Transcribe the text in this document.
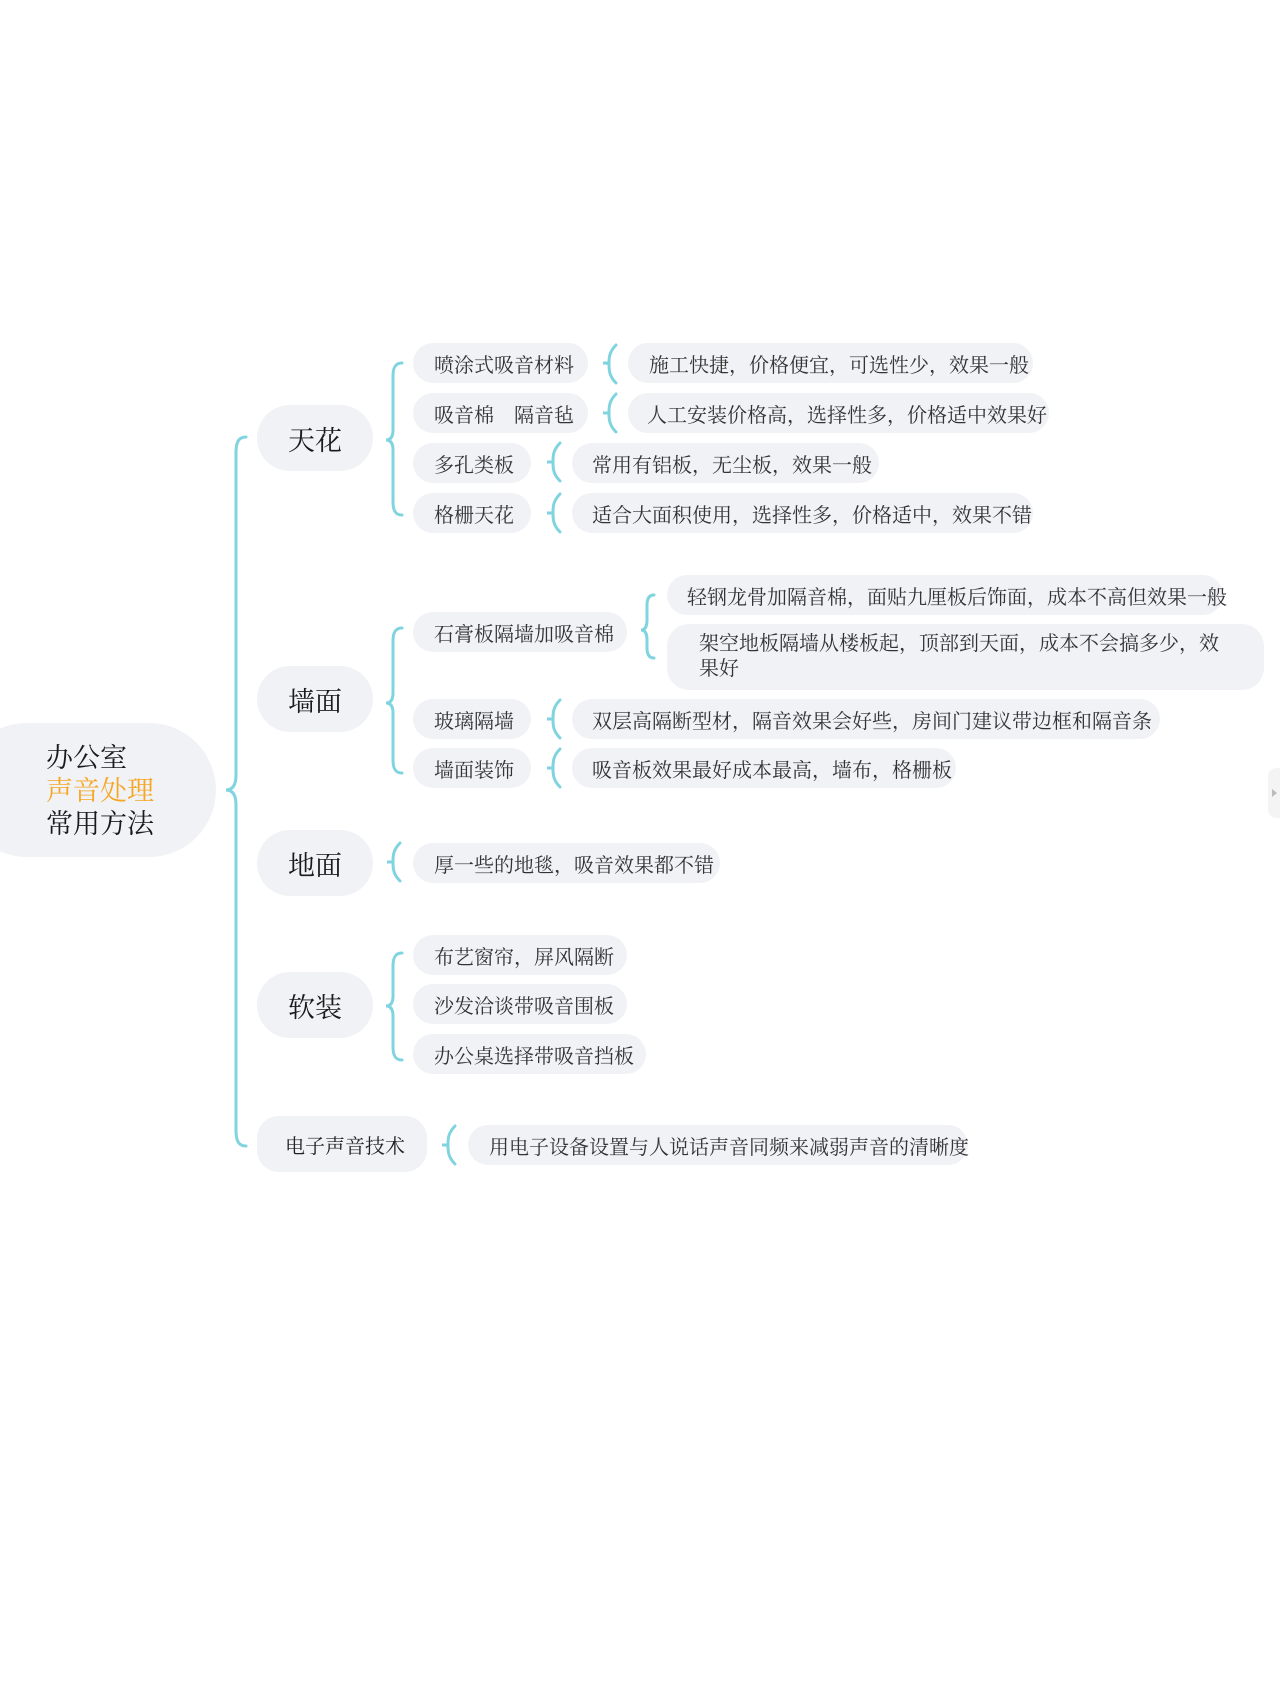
办公室
声音处理
常用方法
天花
喷涂式吸音材料	施工快捷，价格便宜，可选性少，效果一般
吸音棉　隔音毡	人工安装价格高，选择性多，价格适中效果好
多孔类板	常用有铝板，无尘板，效果一般
格栅天花	适合大面积使用，选择性多，价格适中，效果不错
墙面
石膏板隔墙加吸音棉
轻钢龙骨加隔音棉，面贴九厘板后饰面，成本不高但效果一般
架空地板隔墙从楼板起，顶部到天面，成本不会搞多少，效果好
玻璃隔墙	双层高隔断型材，隔音效果会好些，房间门建议带边框和隔音条
墙面装饰	吸音板效果最好成本最高，墙布，格栅板
地面	厚一些的地毯，吸音效果都不错
软装
布艺窗帘，屏风隔断
沙发洽谈带吸音围板
办公桌选择带吸音挡板
电子声音技术	用电子设备设置与人说话声音同频来减弱声音的清晰度
